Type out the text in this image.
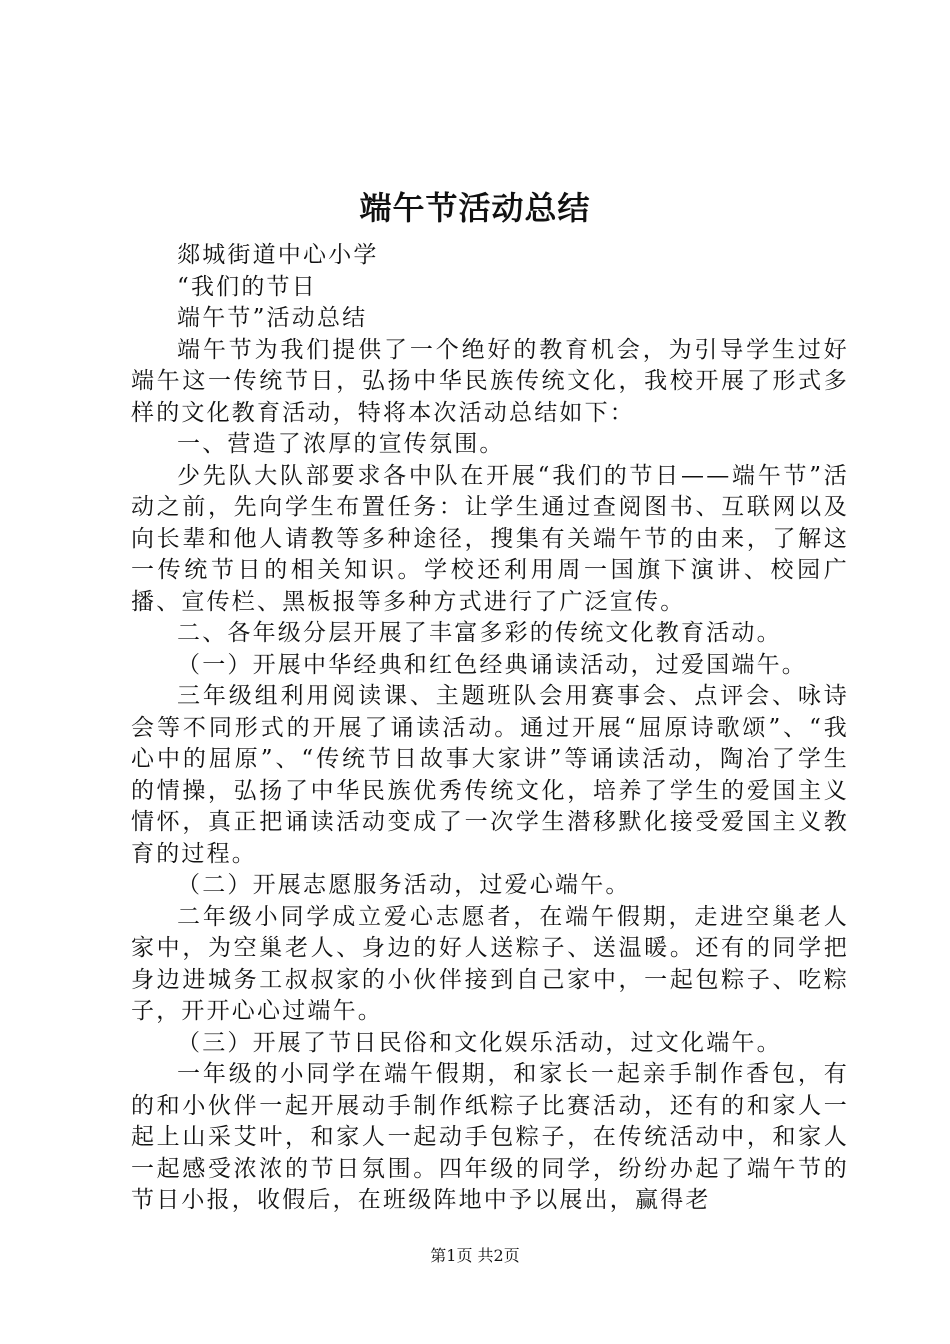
端午节活动总结

郯城街道中心小学

“我们的节日

端午节”活动总结

端午节为我们提供了一个绝好的教育机会，为引导学生过好端午这一传统节日，弘扬中华民族传统文化，我校开展了形式多样的文化教育活动，特将本次活动总结如下：

一、营造了浓厚的宣传氛围。

少先队大队部要求各中队在开展“我们的节日——端午节”活动之前，先向学生布置任务：让学生通过查阅图书、互联网以及向长辈和他人请教等多种途径，搜集有关端午节的由来，了解这一传统节日的相关知识。学校还利用周一国旗下演讲、校园广播、宣传栏、黑板报等多种方式进行了广泛宣传。

二、各年级分层开展了丰富多彩的传统文化教育活动。

（一）开展中华经典和红色经典诵读活动，过爱国端午。

三年级组利用阅读课、主题班队会用赛事会、点评会、咏诗会等不同形式的开展了诵读活动。通过开展“屈原诗歌颂”、“我心中的屈原”、“传统节日故事大家讲”等诵读活动，陶冶了学生的情操，弘扬了中华民族优秀传统文化，培养了学生的爱国主义情怀，真正把诵读活动变成了一次学生潜移默化接受爱国主义教育的过程。

（二）开展志愿服务活动，过爱心端午。

二年级小同学成立爱心志愿者，在端午假期，走进空巢老人家中，为空巢老人、身边的好人送粽子、送温暖。还有的同学把身边进城务工叔叔家的小伙伴接到自己家中，一起包粽子、吃粽子，开开心心过端午。

（三）开展了节日民俗和文化娱乐活动，过文化端午。

一年级的小同学在端午假期，和家长一起亲手制作香包，有的和小伙伴一起开展动手制作纸粽子比赛活动，还有的和家人一起上山采艾叶，和家人一起动手包粽子，在传统活动中，和家人一起感受浓浓的节日氛围。四年级的同学，纷纷办起了端午节的节日小报，收假后，在班级阵地中予以展出，赢得老

第1页 共2页
